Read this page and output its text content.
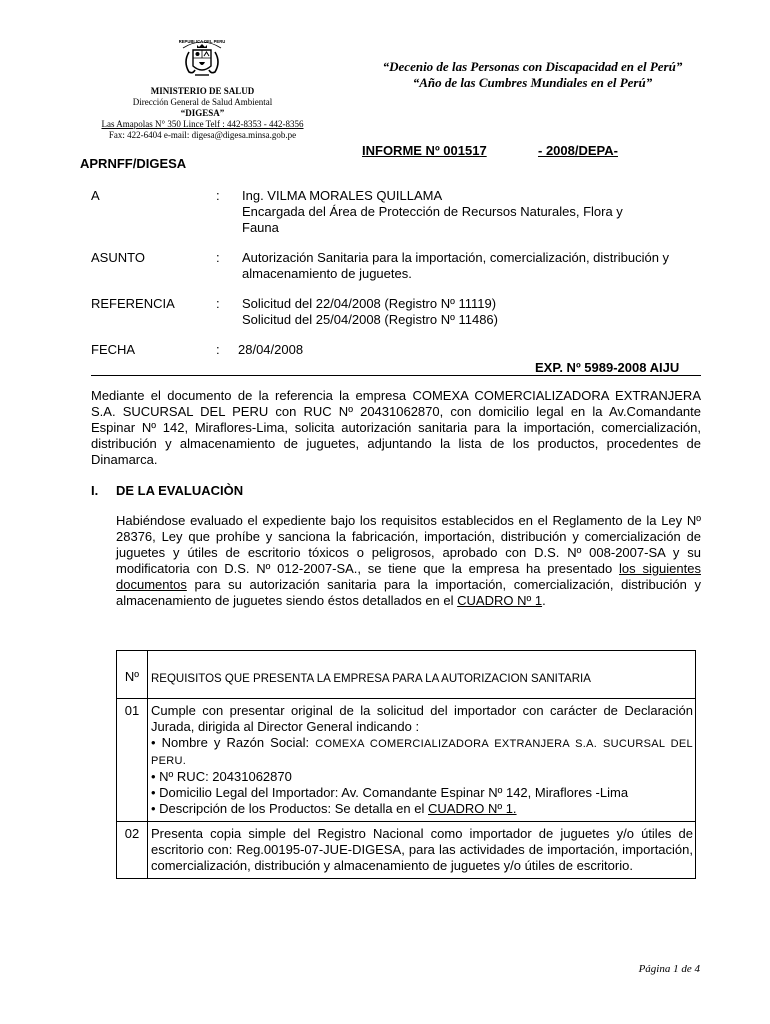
REPUBLICA DEL PERU
MINISTERIO DE SALUD
Dirección General de Salud Ambiental
“DIGESA”
Las Amapolas N° 350 Lince Telf : 442-8353 - 442-8356
Fax: 422-6404 e-mail: digesa@digesa.minsa.gob.pe
“Decenio de las Personas con Discapacidad en el Perú”
“Año de las Cumbres Mundiales en el Perú”
INFORME Nº 001517	- 2008/DEPA-
APRNFF/DIGESA
A	: Ing. VILMA MORALES QUILLAMA
Encargada del Área de Protección de Recursos Naturales, Flora y Fauna
ASUNTO	: Autorización Sanitaria para la importación, comercialización, distribución y almacenamiento de juguetes.
REFERENCIA	: Solicitud del 22/04/2008 (Registro Nº 11119)
Solicitud del 25/04/2008 (Registro Nº 11486)
FECHA	: 28/04/2008
EXP. Nº 5989-2008 AIJU
Mediante el documento de la referencia la empresa COMEXA COMERCIALIZADORA EXTRANJERA S.A. SUCURSAL DEL PERU con RUC Nº 20431062870, con domicilio legal en la Av.Comandante Espinar Nº 142, Miraflores-Lima, solicita autorización sanitaria para la importación, comercialización, distribución y almacenamiento de juguetes, adjuntando la lista de los productos, procedentes de Dinamarca.
I. DE LA EVALUACIÒN
Habiéndose evaluado el expediente bajo los requisitos establecidos en el Reglamento de la Ley Nº 28376, Ley que prohíbe y sanciona la fabricación, importación, distribución y comercialización de juguetes y útiles de escritorio tóxicos o peligrosos, aprobado con D.S. Nº 008-2007-SA y su modificatoria con D.S. Nº 012-2007-SA., se tiene que la empresa ha presentado los siguientes documentos para su autorización sanitaria para la importación, comercialización, distribución y almacenamiento de juguetes siendo éstos detallados en el CUADRO Nº 1.
Nº	REQUISITOS QUE PRESENTA LA EMPRESA PARA LA AUTORIZACION SANITARIA
01	Cumple con presentar original de la solicitud del importador con carácter de Declaración Jurada, dirigida al Director General indicando :
• Nombre y Razón Social: COMEXA COMERCIALIZADORA EXTRANJERA S.A. SUCURSAL DEL PERU.
• Nº RUC: 20431062870
• Domicilio Legal del Importador: Av. Comandante Espinar Nº 142, Miraflores -Lima
• Descripción de los Productos: Se detalla en el CUADRO Nº 1.

02	Presenta copia simple del Registro Nacional como importador de juguetes y/o útiles de escritorio con: Reg.00195-07-JUE-DIGESA, para las actividades de importación, importación, comercialización, distribución y almacenamiento de juguetes y/o útiles de escritorio.
Página 1 de 4
